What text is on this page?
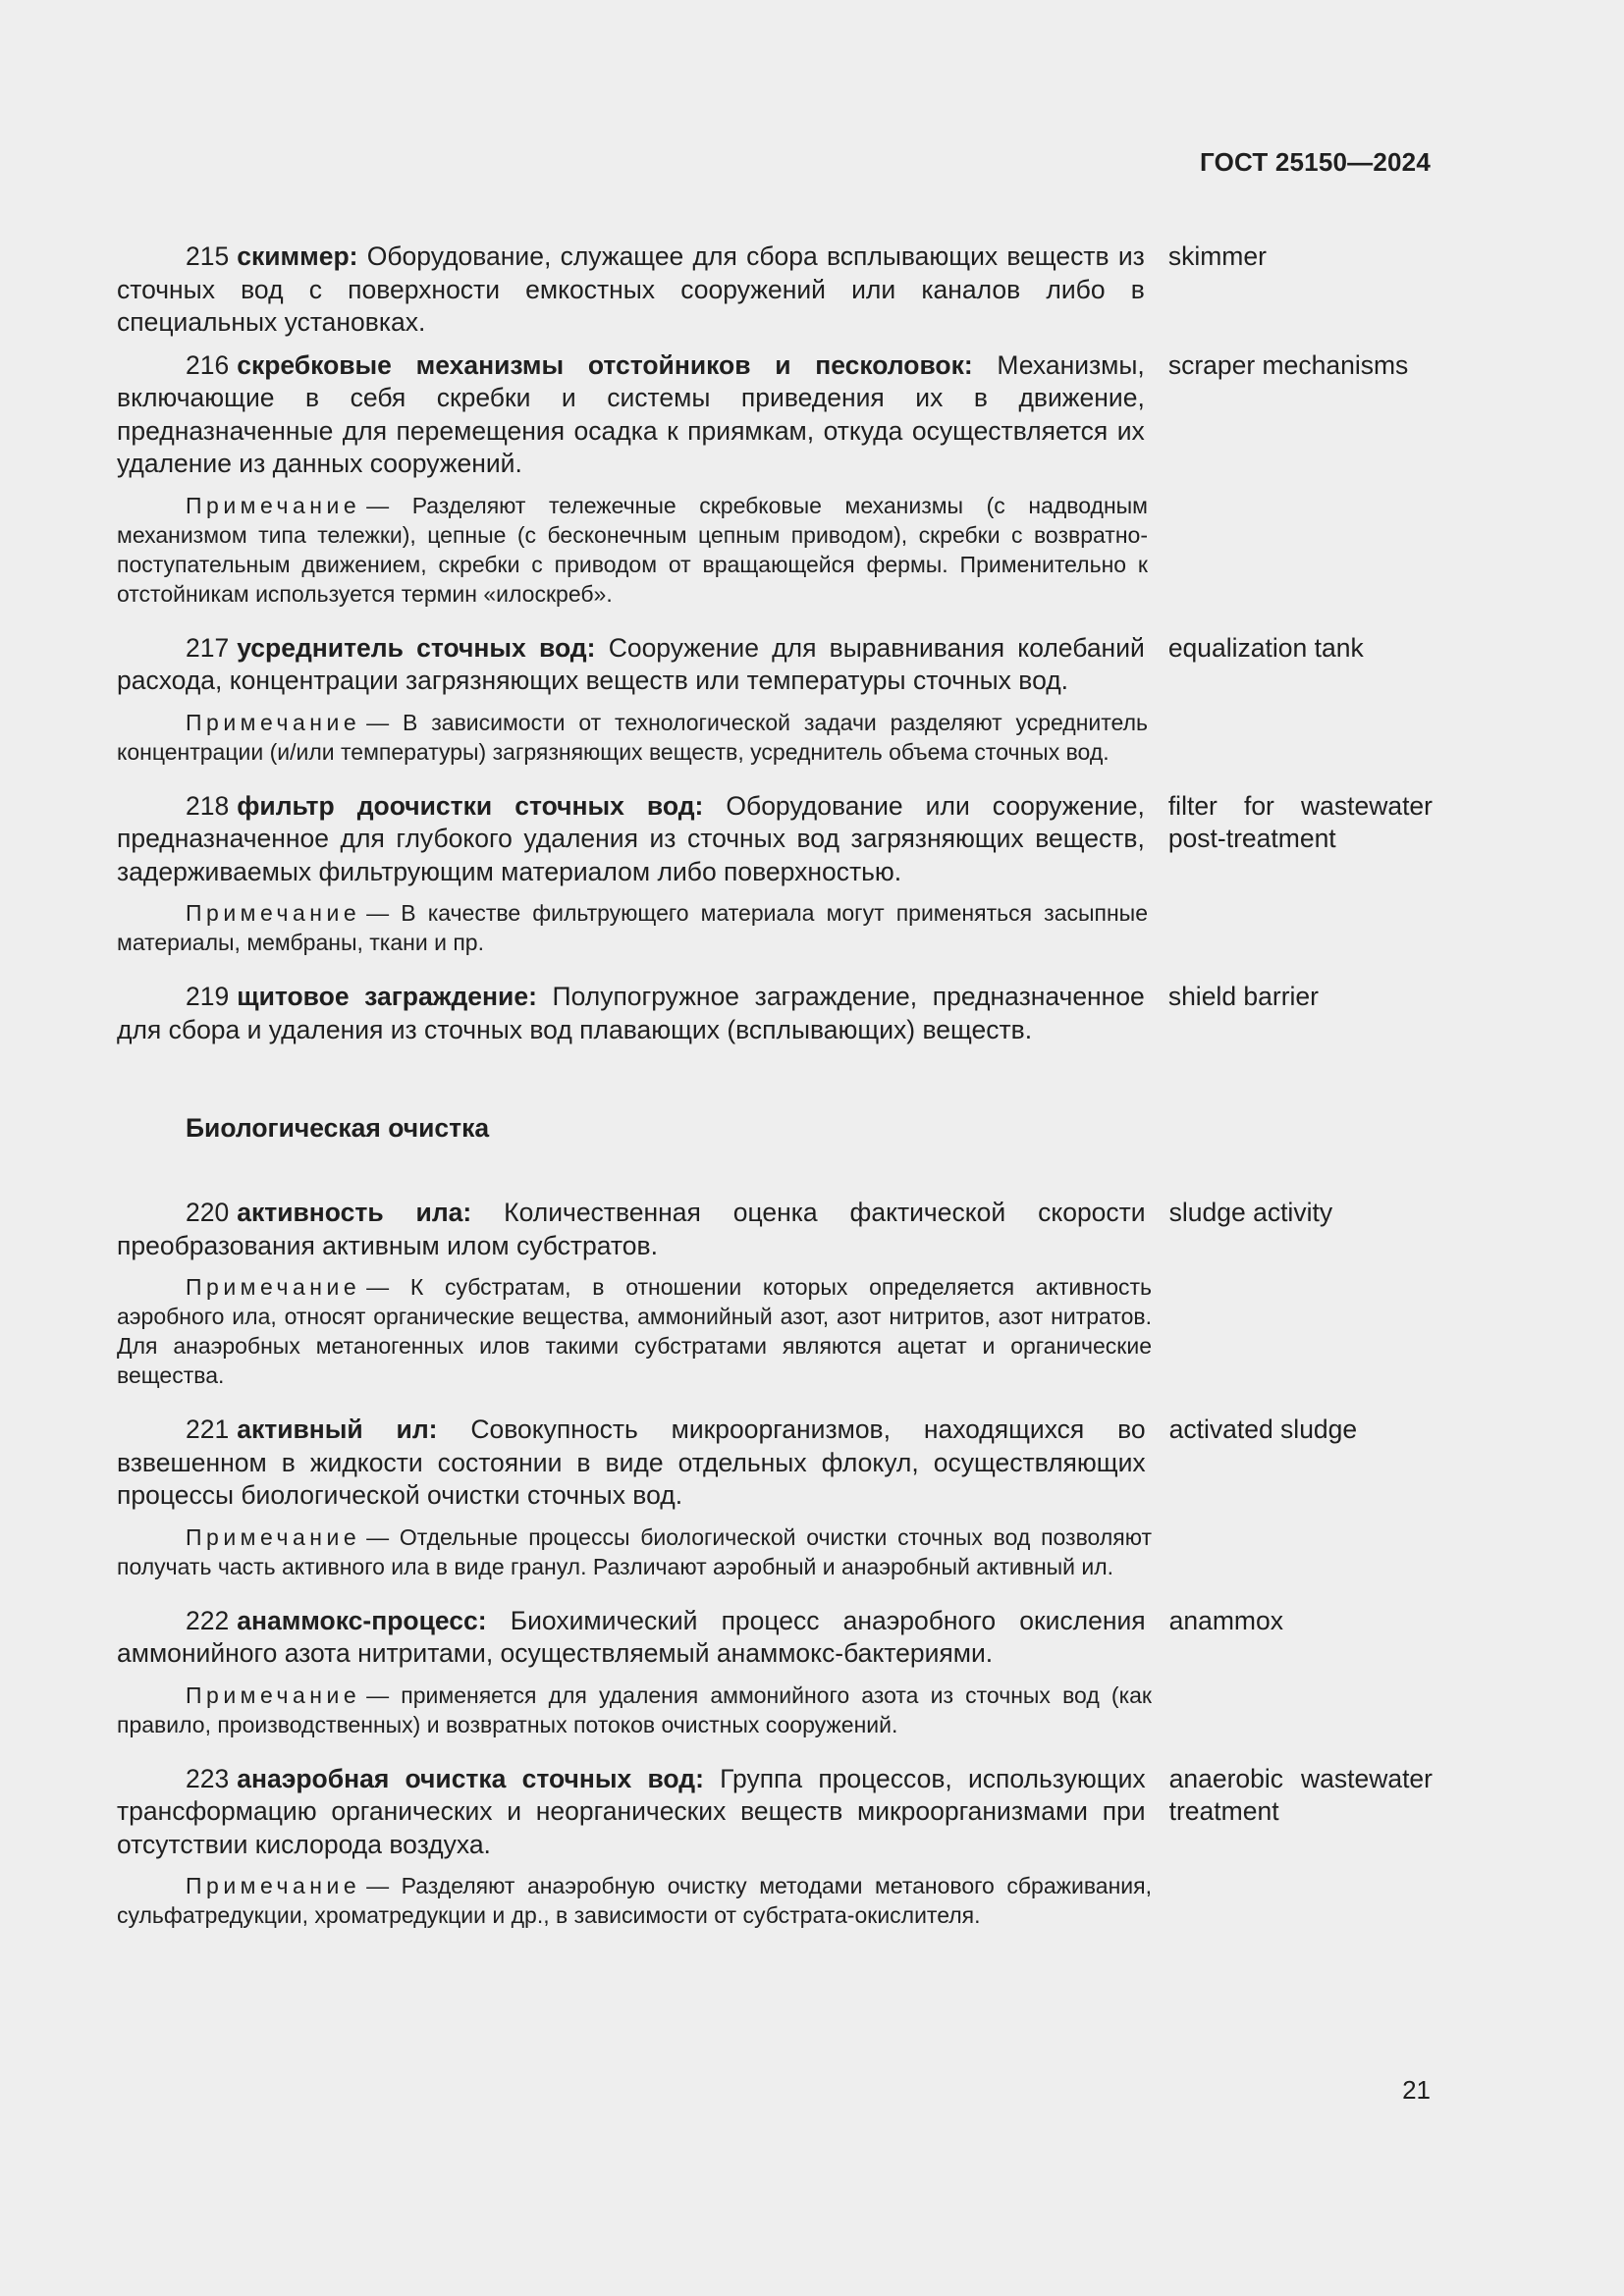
ГОСТ 25150—2024

215 скиммер: Оборудование, служащее для сбора всплывающих веществ из сточных вод с поверхности емкостных сооружений или каналов либо в специальных установках.

skimmer

216 скребковые механизмы отстойников и песколовок: Механизмы, включающие в себя скребки и системы приведения их в движение, предназначенные для перемещения осадка к приямкам, откуда осуществляется их удаление из данных сооружений.

scraper mechanisms

Примечание — Разделяют тележечные скребковые механизмы (с надводным механизмом типа тележки), цепные (с бесконечным цепным приводом), скребки с возвратно-поступательным движением, скребки с приводом от вращающейся фермы. Применительно к отстойникам используется термин «илоскреб».

217 усреднитель сточных вод: Сооружение для выравнивания колебаний расхода, концентрации загрязняющих веществ или температуры сточных вод.

equalization tank

Примечание — В зависимости от технологической задачи разделяют усреднитель концентрации (и/или температуры) загрязняющих веществ, усреднитель объема сточных вод.

218 фильтр доочистки сточных вод: Оборудование или сооружение, предназначенное для глубокого удаления из сточных вод загрязняющих веществ, задерживаемых фильтрующим материалом либо поверхностью.

filter for wastewater post-treatment

Примечание — В качестве фильтрующего материала могут применяться засыпные материалы, мембраны, ткани и пр.

219 щитовое заграждение: Полупогружное заграждение, предназначенное для сбора и удаления из сточных вод плавающих (всплывающих) веществ.

shield barrier
Биологическая очистка

220 активность ила: Количественная оценка фактической скорости преобразования активным илом субстратов.

sludge activity

Примечание — К субстратам, в отношении которых определяется активность аэробного ила, относят органические вещества, аммонийный азот, азот нитритов, азот нитратов. Для анаэробных метаногенных илов такими субстратами являются ацетат и органические вещества.

221 активный ил: Совокупность микроорганизмов, находящихся во взвешенном в жидкости состоянии в виде отдельных флокул, осуществляющих процессы биологической очистки сточных вод.

activated sludge

Примечание — Отдельные процессы биологической очистки сточных вод позволяют получать часть активного ила в виде гранул. Различают аэробный и анаэробный активный ил.

222 анаммокс-процесс: Биохимический процесс анаэробного окисления аммонийного азота нитритами, осуществляемый анаммокс-бактериями.

anammox

Примечание — применяется для удаления аммонийного азота из сточных вод (как правило, производственных) и возвратных потоков очистных сооружений.

223 анаэробная очистка сточных вод: Группа процессов, использующих трансформацию органических и неорганических веществ микроорганизмами при отсутствии кислорода воздуха.

anaerobic wastewater treatment

Примечание — Разделяют анаэробную очистку методами метанового сбраживания, сульфатредукции, хроматредукции и др., в зависимости от субстрата-окислителя.

21
